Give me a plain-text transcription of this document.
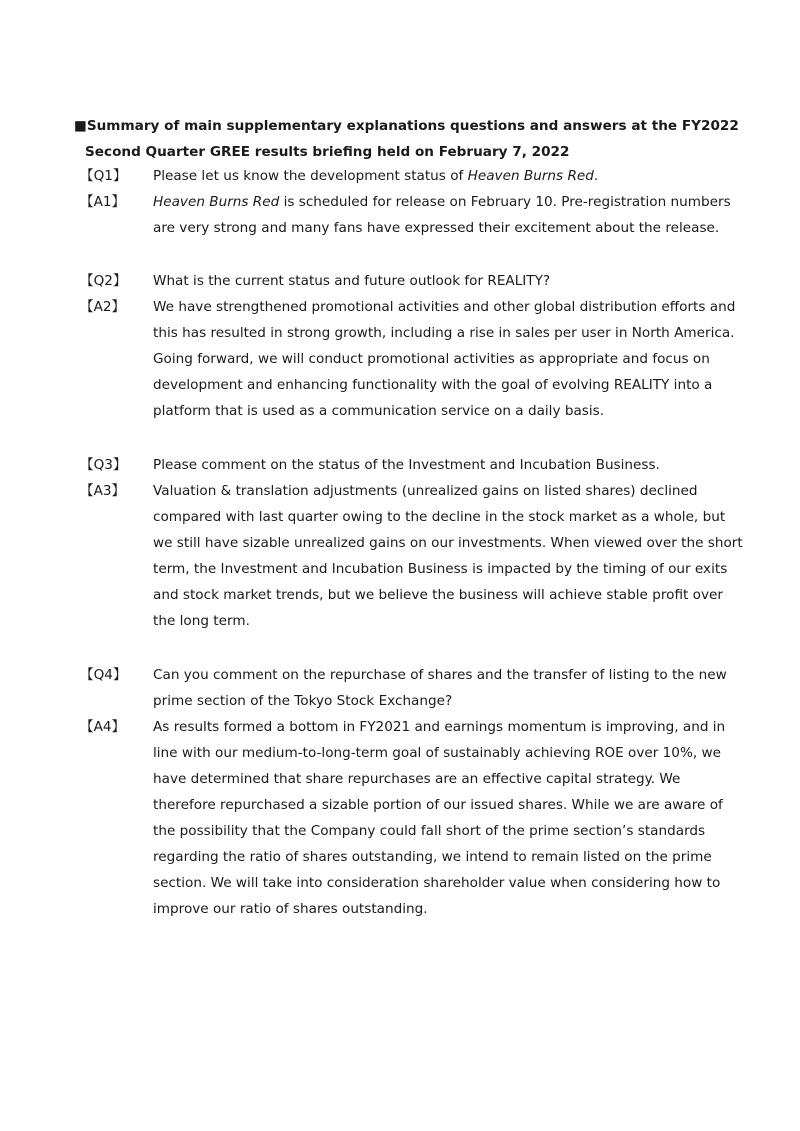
■Summary of main supplementary explanations questions and answers at the FY2022
Second Quarter GREE results briefing held on February 7, 2022
【Q1】	Please let us know the development status of Heaven Burns Red.
【A1】	Heaven Burns Red is scheduled for release on February 10. Pre-registration numbers are very strong and many fans have expressed their excitement about the release.
【Q2】	What is the current status and future outlook for REALITY?
【A2】	We have strengthened promotional activities and other global distribution efforts and this has resulted in strong growth, including a rise in sales per user in North America. Going forward, we will conduct promotional activities as appropriate and focus on development and enhancing functionality with the goal of evolving REALITY into a platform that is used as a communication service on a daily basis.
【Q3】	Please comment on the status of the Investment and Incubation Business.
【A3】	Valuation & translation adjustments (unrealized gains on listed shares) declined compared with last quarter owing to the decline in the stock market as a whole, but we still have sizable unrealized gains on our investments. When viewed over the short term, the Investment and Incubation Business is impacted by the timing of our exits and stock market trends, but we believe the business will achieve stable profit over the long term.
【Q4】	Can you comment on the repurchase of shares and the transfer of listing to the new prime section of the Tokyo Stock Exchange?
【A4】	As results formed a bottom in FY2021 and earnings momentum is improving, and in line with our medium-to-long-term goal of sustainably achieving ROE over 10%, we have determined that share repurchases are an effective capital strategy. We therefore repurchased a sizable portion of our issued shares. While we are aware of the possibility that the Company could fall short of the prime section’s standards regarding the ratio of shares outstanding, we intend to remain listed on the prime section. We will take into consideration shareholder value when considering how to improve our ratio of shares outstanding.
